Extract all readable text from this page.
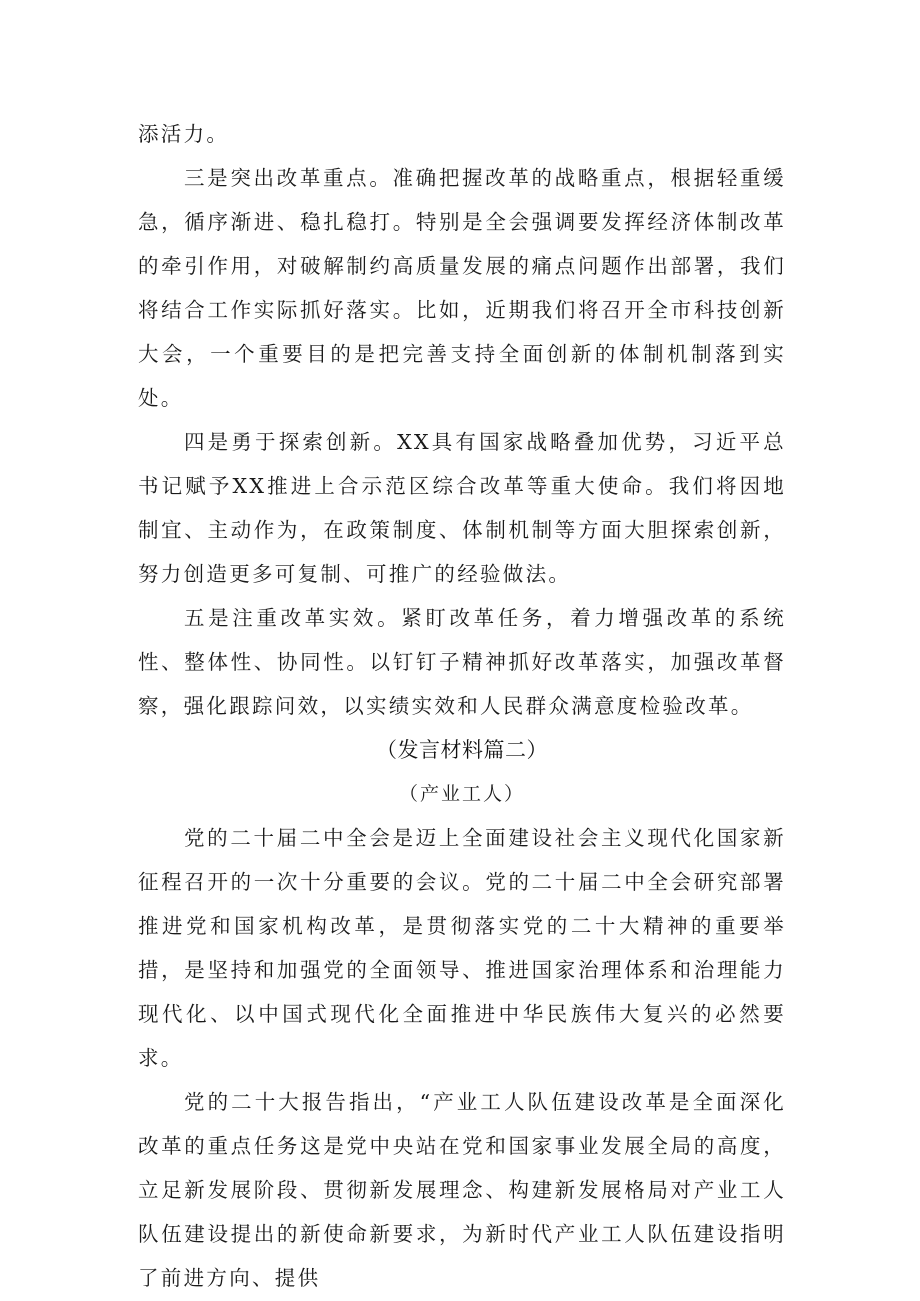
添活力。

三是突出改革重点。准确把握改革的战略重点，根据轻重缓急，循序渐进、稳扎稳打。特别是全会强调要发挥经济体制改革的牵引作用，对破解制约高质量发展的痛点问题作出部署，我们将结合工作实际抓好落实。比如，近期我们将召开全市科技创新大会，一个重要目的是把完善支持全面创新的体制机制落到实处。

四是勇于探索创新。XX具有国家战略叠加优势，习近平总书记赋予XX推进上合示范区综合改革等重大使命。我们将因地制宜、主动作为，在政策制度、体制机制等方面大胆探索创新，努力创造更多可复制、可推广的经验做法。

五是注重改革实效。紧盯改革任务，着力增强改革的系统性、整体性、协同性。以钉钉子精神抓好改革落实，加强改革督察，强化跟踪问效，以实绩实效和人民群众满意度检验改革。

（发言材料篇二）

（产业工人）

党的二十届二中全会是迈上全面建设社会主义现代化国家新征程召开的一次十分重要的会议。党的二十届二中全会研究部署推进党和国家机构改革，是贯彻落实党的二十大精神的重要举措，是坚持和加强党的全面领导、推进国家治理体系和治理能力现代化、以中国式现代化全面推进中华民族伟大复兴的必然要求。

党的二十大报告指出，“产业工人队伍建设改革是全面深化改革的重点任务这是党中央站在党和国家事业发展全局的高度，立足新发展阶段、贯彻新发展理念、构建新发展格局对产业工人队伍建设提出的新使命新要求，为新时代产业工人队伍建设指明了前进方向、提供
